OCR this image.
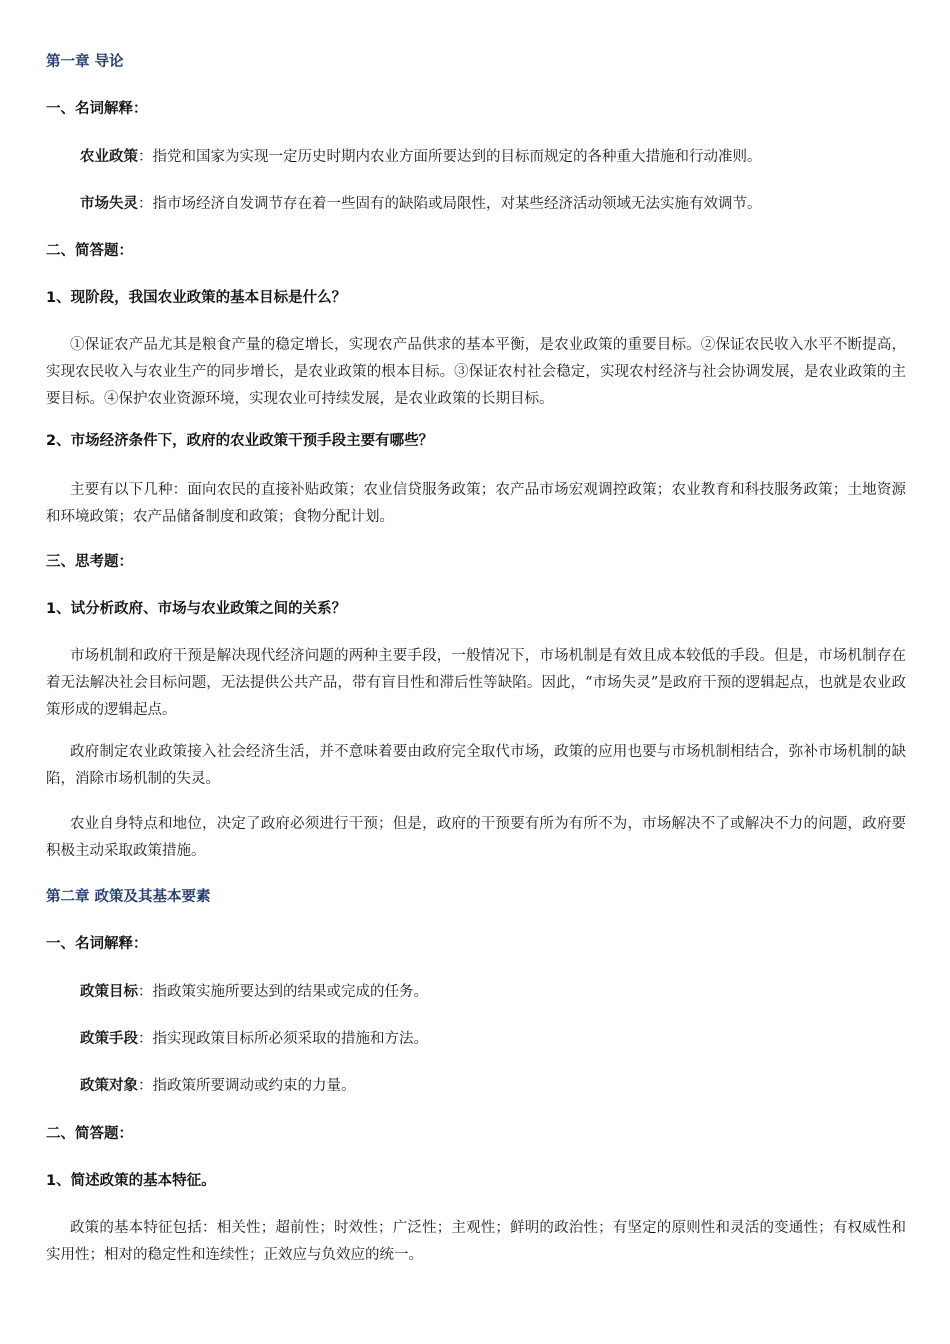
第一章 导论
一、名词解释：
农业政策：指党和国家为实现一定历史时期内农业方面所要达到的目标而规定的各种重大措施和行动准则。
市场失灵：指市场经济自发调节存在着一些固有的缺陷或局限性，对某些经济活动领域无法实施有效调节。
二、简答题：
1、现阶段，我国农业政策的基本目标是什么？
①保证农产品尤其是粮食产量的稳定增长，实现农产品供求的基本平衡，是农业政策的重要目标。②保证农民收入水平不断提高，实现农民收入与农业生产的同步增长，是农业政策的根本目标。③保证农村社会稳定，实现农村经济与社会协调发展，是农业政策的主要目标。④保护农业资源环境，实现农业可持续发展，是农业政策的长期目标。
2、市场经济条件下，政府的农业政策干预手段主要有哪些？
主要有以下几种：面向农民的直接补贴政策；农业信贷服务政策；农产品市场宏观调控政策；农业教育和科技服务政策；土地资源和环境政策；农产品储备制度和政策；食物分配计划。
三、思考题：
1、试分析政府、市场与农业政策之间的关系？
市场机制和政府干预是解决现代经济问题的两种主要手段，一般情况下，市场机制是有效且成本较低的手段。但是，市场机制存在着无法解决社会目标问题，无法提供公共产品，带有盲目性和滞后性等缺陷。因此，“市场失灵”是政府干预的逻辑起点，也就是农业政策形成的逻辑起点。
政府制定农业政策接入社会经济生活，并不意味着要由政府完全取代市场，政策的应用也要与市场机制相结合，弥补市场机制的缺陷，消除市场机制的失灵。
农业自身特点和地位，决定了政府必须进行干预；但是，政府的干预要有所为有所不为，市场解决不了或解决不力的问题，政府要积极主动采取政策措施。
第二章 政策及其基本要素
一、名词解释：
政策目标：指政策实施所要达到的结果或完成的任务。
政策手段：指实现政策目标所必须采取的措施和方法。
政策对象：指政策所要调动或约束的力量。
二、简答题：
1、简述政策的基本特征。
政策的基本特征包括：相关性；超前性；时效性；广泛性；主观性；鲜明的政治性；有坚定的原则性和灵活的变通性；有权威性和实用性；相对的稳定性和连续性；正效应与负效应的统一。
